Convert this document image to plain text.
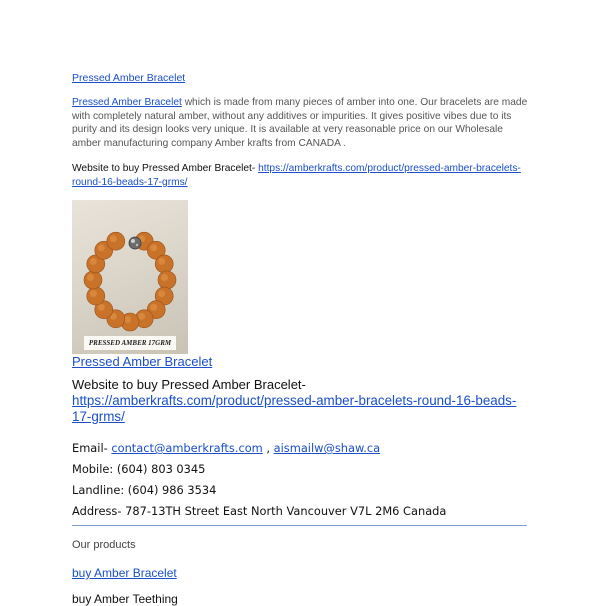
Pressed Amber Bracelet
Pressed Amber Bracelet which is made from many pieces of amber into one. Our bracelets are made with completely natural amber, without any additives or impurities. It gives positive vibes due to its purity and its design looks very unique. It is available at very reasonable price on our Wholesale amber manufacturing company Amber krafts from CANADA .
Website to buy Pressed Amber Bracelet- https://amberkrafts.com/product/pressed-amber-bracelets-round-16-beads-17-grms/
PRESSED AMBER 17GRM
Pressed Amber Bracelet
Website to buy Pressed Amber Bracelet-
https://amberkrafts.com/product/pressed-amber-bracelets-round-16-beads-17-grms/
Email- contact@amberkrafts.com , aismailw@shaw.ca
Mobile: (604) 803 0345
Landline: (604) 986 3534
Address- 787-13TH Street East North Vancouver V7L 2M6 Canada
Our products
buy Amber Bracelet
buy Amber Teething
